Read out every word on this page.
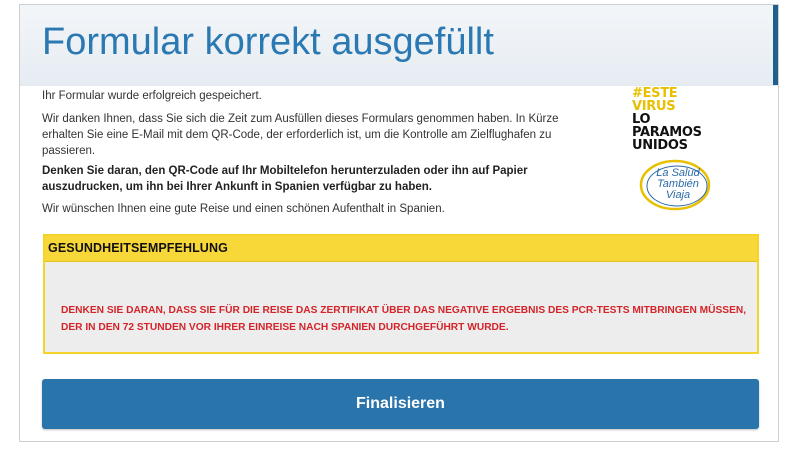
Formular korrekt ausgefüllt

Ihr Formular wurde erfolgreich gespeichert.

Wir danken Ihnen, dass Sie sich die Zeit zum Ausfüllen dieses Formulars genommen haben. In Kürze erhalten Sie eine E-Mail mit dem QR-Code, der erforderlich ist, um die Kontrolle am Zielflughafen zu passieren.

Denken Sie daran, den QR-Code auf Ihr Mobiltelefon herunterzuladen oder ihn auf Papier auszudrucken, um ihn bei Ihrer Ankunft in Spanien verfügbar zu haben.

Wir wünschen Ihnen eine gute Reise und einen schönen Aufenthalt in Spanien.

#ESTE
VIRUS
LO
PARAMOS
UNIDOS
La Salud
También
Viaja
GESUNDHEITSEMPFEHLUNG

DENKEN SIE DARAN, DASS SIE FÜR DIE REISE DAS ZERTIFIKAT ÜBER DAS NEGATIVE ERGEBNIS DES PCR-TESTS MITBRINGEN MÜSSEN,
DER IN DEN 72 STUNDEN VOR IHRER EINREISE NACH SPANIEN DURCHGEFÜHRT WURDE.

Finalisieren
